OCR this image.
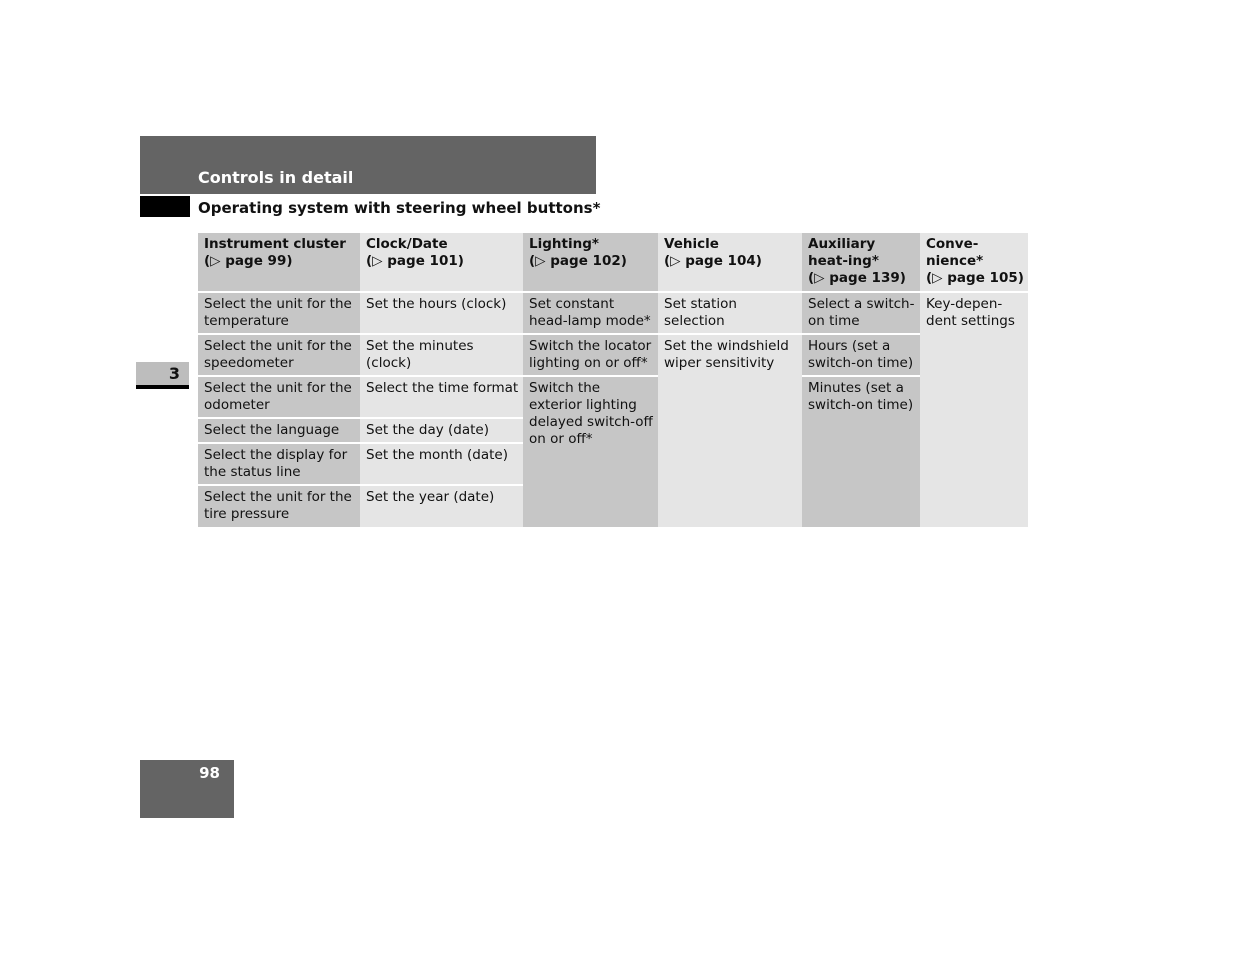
Controls in detail
Operating system with steering wheel buttons*
3
Instrument cluster
(▷ page 99)
Select the unit for the temperature
Select the unit for the speedometer
Select the unit for the odometer
Select the language
Select the display for the status line
Select the unit for the tire pressure
Clock/Date
(▷ page 101)
Set the hours (clock)
Set the minutes (clock)
Select the time format
Set the day (date)
Set the month (date)
Set the year (date)
Lighting*
(▷ page 102)
Set constant head-lamp mode*
Switch the locator lighting on or off*
Switch the exterior lighting delayed switch-off on or off*
Vehicle
(▷ page 104)
Set station selection
Set the windshield wiper sensitivity
Auxiliary heat-ing*
(▷ page 139)
Select a switch-on time
Hours (set a switch-on time)
Minutes (set a switch-on time)
Conve-nience*
(▷ page 105)
Key-depen-dent settings
98
